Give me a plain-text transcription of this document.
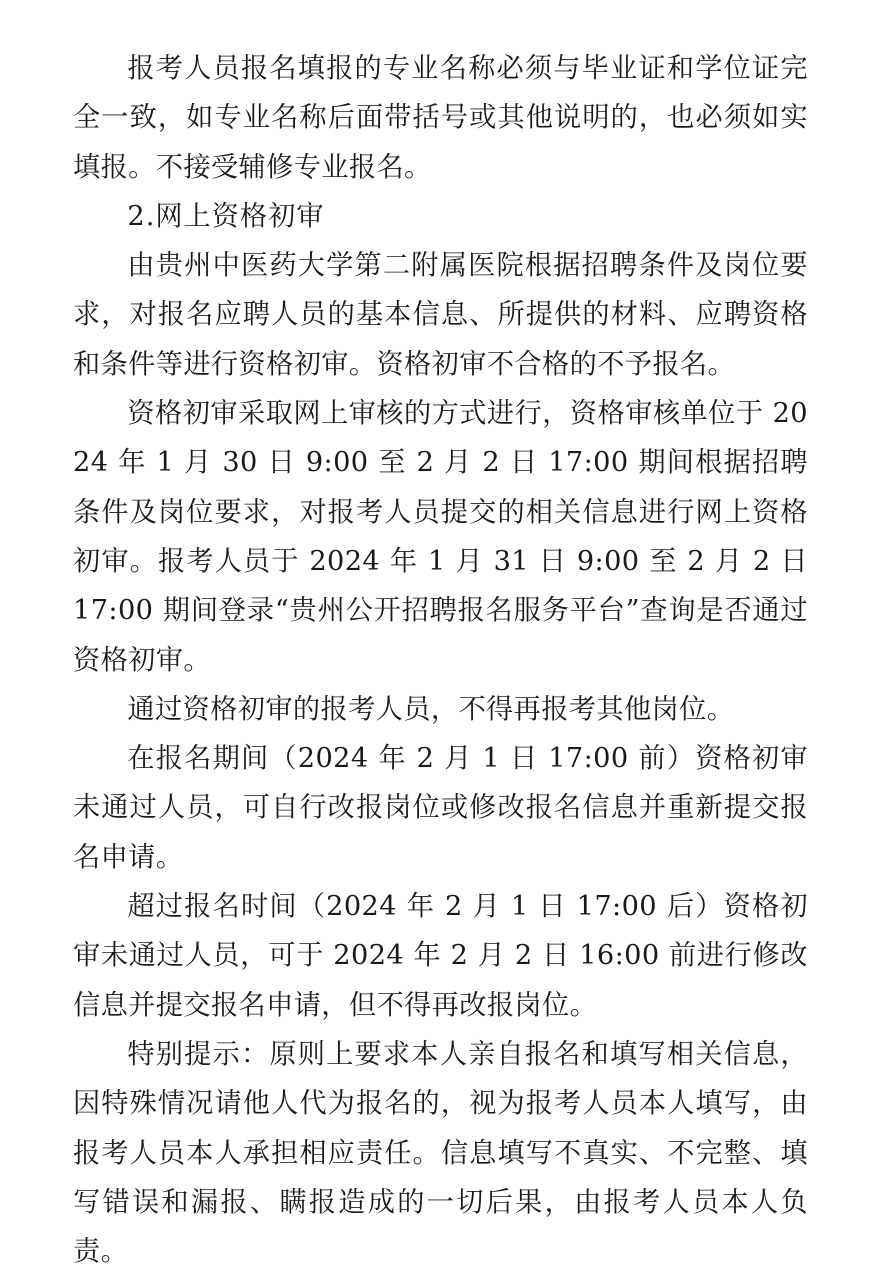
报考人员报名填报的专业名称必须与毕业证和学位证完全一致，如专业名称后面带括号或其他说明的，也必须如实填报。不接受辅修专业报名。

2.网上资格初审

由贵州中医药大学第二附属医院根据招聘条件及岗位要求，对报名应聘人员的基本信息、所提供的材料、应聘资格和条件等进行资格初审。资格初审不合格的不予报名。

资格初审采取网上审核的方式进行，资格审核单位于 2024 年 1 月 30 日 9:00 至 2 月 2 日 17:00 期间根据招聘条件及岗位要求，对报考人员提交的相关信息进行网上资格初审。报考人员于 2024 年 1 月 31 日 9:00 至 2 月 2 日 17:00 期间登录“贵州公开招聘报名服务平台”查询是否通过资格初审。

通过资格初审的报考人员，不得再报考其他岗位。

在报名期间（2024 年 2 月 1 日 17:00 前）资格初审未通过人员，可自行改报岗位或修改报名信息并重新提交报名申请。

超过报名时间（2024 年 2 月 1 日 17:00 后）资格初审未通过人员，可于 2024 年 2 月 2 日 16:00 前进行修改信息并提交报名申请，但不得再改报岗位。

特别提示：原则上要求本人亲自报名和填写相关信息，因特殊情况请他人代为报名的，视为报考人员本人填写，由报考人员本人承担相应责任。信息填写不真实、不完整、填写错误和漏报、瞒报造成的一切后果，由报考人员本人负责。
